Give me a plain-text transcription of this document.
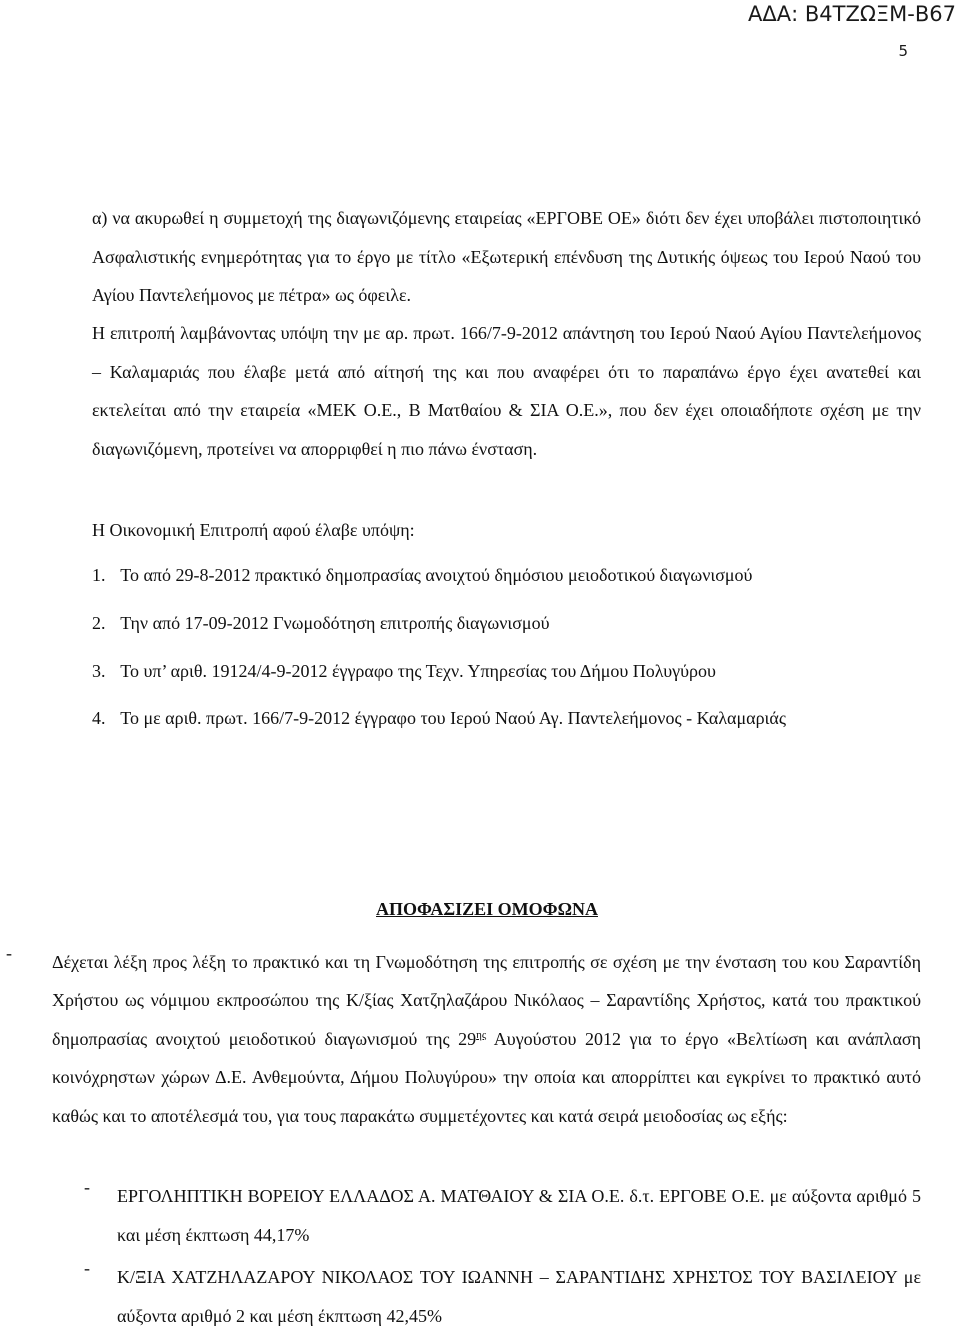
ΑΔΑ: Β4ΤΖΩΞΜ-Β67
5

α) να ακυρωθεί η συμμετοχή της διαγωνιζόμενης εταιρείας «ΕΡΓΟΒΕ ΟΕ» διότι δεν έχει υποβάλει πιστοποιητικό Ασφαλιστικής ενημερότητας για το έργο με τίτλο «Εξωτερική επένδυση της Δυτικής όψεως του Ιερού Ναού του Αγίου Παντελεήμονος με πέτρα» ως όφειλε.

Η επιτροπή λαμβάνοντας υπόψη την με αρ. πρωτ. 166/7-9-2012 απάντηση του Ιερού Ναού Αγίου Παντελεήμονος – Καλαμαριάς που έλαβε μετά από αίτησή της και που αναφέρει ότι το παραπάνω έργο έχει ανατεθεί και εκτελείται από την εταιρεία «ΜΕΚ Ο.Ε., Β Ματθαίου & ΣΙΑ Ο.Ε.», που δεν έχει οποιαδήποτε σχέση με την διαγωνιζόμενη, προτείνει να απορριφθεί η πιο πάνω ένσταση.

Η Οικονομική Επιτροπή αφού έλαβε υπόψη:

1. Το από 29-8-2012 πρακτικό δημοπρασίας ανοιχτού δημόσιου μειοδοτικού διαγωνισμού

2. Την από 17-09-2012 Γνωμοδότηση επιτροπής διαγωνισμού

3. Το υπ’ αριθ. 19124/4-9-2012 έγγραφο της Τεχν. Υπηρεσίας του Δήμου Πολυγύρου

4. Το με αριθ. πρωτ. 166/7-9-2012 έγγραφο του Ιερού Ναού Αγ. Παντελεήμονος - Καλαμαριάς

ΑΠΟΦΑΣΙΖΕΙ ΟΜΟΦΩΝΑ

- Δέχεται λέξη προς λέξη το πρακτικό και τη Γνωμοδότηση της επιτροπής σε σχέση με την ένσταση του κου Σαραντίδη Χρήστου ως νόμιμου εκπροσώπου της Κ/ξίας Χατζηλαζάρου Νικόλαος – Σαραντίδης Χρήστος, κατά του πρακτικού δημοπρασίας ανοιχτού μειοδοτικού διαγωνισμού της $29^{\eta\varsigma}$ Αυγούστου 2012 για το έργο «Βελτίωση και ανάπλαση κοινόχρηστων χώρων Δ.Ε. Ανθεμούντα, Δήμου Πολυγύρου» την οποία και απορρίπτει και εγκρίνει το πρακτικό αυτό καθώς και το αποτέλεσμά του, για τους παρακάτω συμμετέχοντες και κατά σειρά μειοδοσίας ως εξής:

- ΕΡΓΟΛΗΠΤΙΚΗ ΒΟΡΕΙΟΥ ΕΛΛΑΔΟΣ Α. ΜΑΤΘΑΙΟΥ & ΣΙΑ Ο.Ε. δ.τ. ΕΡΓΟΒΕ Ο.Ε. με αύξοντα αριθμό 5 και μέση έκπτωση 44,17%

- Κ/ΞΙΑ ΧΑΤΖΗΛΑΖΑΡΟΥ ΝΙΚΟΛΑΟΣ ΤΟΥ ΙΩΑΝΝΗ – ΣΑΡΑΝΤΙΔΗΣ ΧΡΗΣΤΟΣ ΤΟΥ ΒΑΣΙΛΕΙΟΥ με αύξοντα αριθμό 2 και μέση έκπτωση 42,45%
